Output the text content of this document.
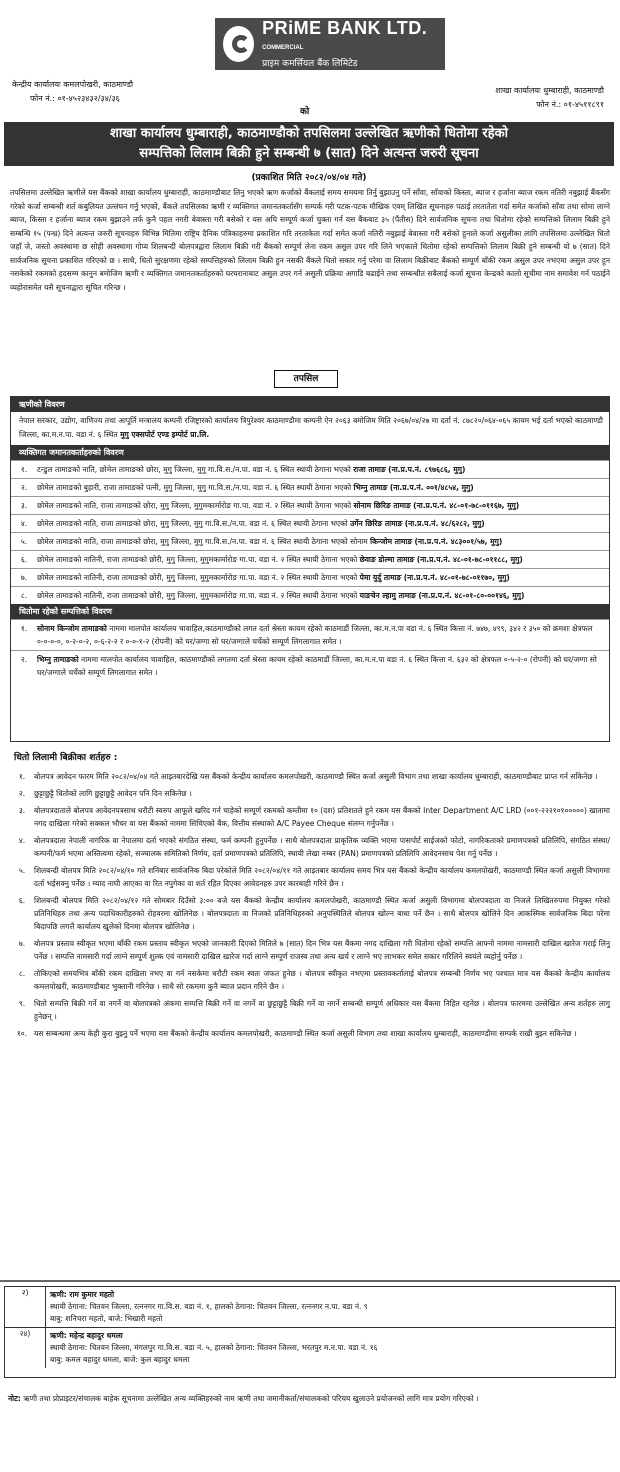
PRiME BANK LTD. $^{COMMERCIAL}$
प्राइम कमर्सियल बैंक लिमिटेड
केन्द्रीय कार्यालयः कमलपोखरी, काठमाण्डौ
फोन नं.: ०१-४५२३४३२/३४/३६
को
शाखा कार्यालयः धुम्बाराही, काठमाण्डौ
फोन नं.: ०१-४५११८९१
शाखा कार्यालय धुम्बाराही, काठमाण्डौको तपसिलमा उल्लेखित ऋणीको धितोमा रहेको
सम्पत्तिको लिलाम बिक्री हुने सम्बन्धी ७ (सात) दिने अत्यन्त जरुरी सूचना
(प्रकाशित मिति २०८२/०४/०४ गते)
तपसिलमा उल्लेखित ऋणीले यस बैंकको शाखा कार्यालय धुम्बाराही, काठमाण्डौबाट लिनु भएको ऋण कर्जाको बैंकलाई समय समयमा तिर्नु बुझाउनु पर्ने साँवा, साँवाको किस्ता, ब्याज र हर्जाना ब्याज रकम नतिरी नबुझाई बैंकसँग गरेको कर्जा सम्बन्धी शर्त कबुलियत उल्लंघन गर्नु भएको, बैंकले तपसिलका ऋणी र व्यक्तिगत जमानतकर्तासँग सम्पर्क गरी पटक-पटक मौखिक एवम् लिखित सूचनाहरु पठाई तरतातेता गर्दा समेत कर्जाको साँवा तथा सोमा लाग्ने ब्याज, किस्ता र हर्जाना ब्याज रकम बुझाउने तर्फ कुनै पहल नगरी बेवास्ता गरी बसेको र यस अघि सम्पूर्ण कर्जा चुक्ता गर्न यस बैंकबाट ३५ (पैंतीस) दिने सार्वजनिक सूचना तथा धितोमा रहेको सम्पत्तिको लिलाम बिक्री हुने सम्बन्धि १५ (पन्ध्र) दिने अत्यन्त जरुरी सूचनाहरु विभिन्न मितिमा राष्ट्रिय दैनिक पत्रिकाहरुमा प्रकाशित गरि तरताकेता गर्दा समेत कर्जा नतिरी नबुझाई बेवास्ता गरी बसेको हुनाले कर्जा असुलीका लागि तपसिलमा उल्लेखित धितो जहाँ जे, जस्तो अवस्थामा छ सोही अवस्थामा गोप्य शिलबन्दी बोलपत्रद्वारा लिलाम बिक्री गरी बैंकको सम्पूर्ण लेना रकम असुल उपर गरि लिने भएकाले धितोमा रहेको सम्पत्तिको लिलाम बिक्री हुने सम्बन्धी यो ७ (सात) दिने सार्वजनिक सूचना प्रकाशित गरिएको छ । साथै, धितो सुरक्षणमा रहेको सम्पत्तिहरुको लिलाम बिक्री हुन नसकी बैंकले धितो सकार गर्नु परेमा वा लिलाम बिक्रीबाट बैंकको सम्पूर्ण बाँकी रकम असुल उपर नभएमा असुल उपर हुन नसकेको रकमको हदसम्म कानुन बमोजिम ऋणी र व्यक्तिगत जमानतकर्ताहरुको घरघरानाबाट असुल उपर गर्न असुली प्रक्रिया अगाडि बढाईने तथा सम्बन्धीत सबैलाई कर्जा सूचना केन्द्रको कालो सूचीमा नाम समावेश गर्न पठाईने व्यहोरासमेत यसै सूचनाद्वारा सूचित गरिन्छ ।
तपसिल
ऋणीको विवरण
नेपाल सरकार, उद्योग, वाणिज्य तथा आपूर्ति मन्त्रालय कम्पनी रजिष्ट्रारको कार्यालय त्रिपुरेश्वर काठमाण्डौमा कम्पनी ऐन २०६३ बमोजिम मिति २०६७/०४/२७ मा दर्ता नं. ८७८२०/०६४-०६५ कायम भई दर्ता भएको काठमाण्डौ जिल्ला, का.म.न.पा. वडा नं. ६ स्थित मुगु एक्सपोर्ट एण्ड इम्पोर्ट प्रा.लि.
व्यक्तिगत जमानतकर्ताहरुको विवरण
१.	टन्डुल तामाङको नाति, छोमेल तामाङको छोरा, मुगु जिल्ला, मुगु गा.वि.स./न.पा. वडा नं. ६ स्थित स्थायी ठेगाना भएको राजा तामाङ (ना.प्र.प.नं. ८९७६८६, मुगु)
२.	छोमेल तामाङको बुहारी, राजा तामाङको पत्नी, मुगु जिल्ला, मुगु गा.वि.स./न.पा. वडा नं. ६ स्थित स्थायी ठेगाना भएको भिम्नु तामाङ (ना.प्र.प.नं. ००१/४८५४, मुगु)
३.	छोमेल तामाङको नाति, राजा तामाङको छोरा, मुगु जिल्ला, मुगुमकार्मारोङ गा.पा. वडा नं. २ स्थित स्थायी ठेगाना भएको सोनाम छिरिङ तामाङ (ना.प्र.प.नं. ४८-०१-७८-०११६७, मुगु)
४.	छोमेल तामाङको नाति, राजा तामाङको छोरा, मुगु जिल्ला, मुगु गा.वि.स./न.पा. वडा नं. ६ स्थित स्थायी ठेगाना भएको उर्गेन छिरिङ तामाङ (ना.प्र.प.नं. ४८/६२८२, मुगु)
५.	छोमेल तामाङको नाति, राजा तामाङको छोरा, मुगु जिल्ला, मुगु गा.वि.स./न.पा. वडा नं. ६ स्थित स्थायी ठेगाना भएको सोनाम किन्जोम तामाङ (ना.प्र.प.नं. ४८३००१/५७, मुगु)
६.	छोमेल तामाङको नातिनी, राजा तामाङको छोरी, मुगु जिल्ला, मुगुमकार्मारोङ गा.पा. वडा नं. २ स्थित स्थायी ठेगाना भएको छेवाङ डोल्मा तामाङ (ना.प्र.प.नं. ४८-०१-७८-०११८८, मुगु)
७.	छोमेल तामाङको नातिनी, राजा तामाङको छोरी, मुगु जिल्ला, मुगुमकार्मारोङ गा.पा. वडा नं. २ स्थित स्थायी ठेगाना भएको पेमा युर्दु तामाङ (ना.प्र.प.नं. ४८-०१-७८-०११७०, मुगु)
८.	छोमेल तामाङको नातिनी, राजा तामाङको छोरी, मुगु जिल्ला, मुगुमकार्मारोङ गा.पा. वडा नं. २ स्थित स्थायी ठेगाना भएको याङचेन ल्हामु तामाङ (ना.प्र.प.नं. ४८-०१-८०-००१४६, मुगु)
धितोमा रहेको सम्पत्तिको विवरण
१.	सोनाम किन्जोम तामाङको नाममा मालपोत कार्यालय चावाहिल,काठमाण्डौको लगत दर्ता श्रेस्ता कायम रहेको काठमाडौं जिल्ला, का.म.न.पा वडा नं. ६ स्थित कित्ता नं. ७४७, ४९९, ३४२ र ३५० को क्रमशः क्षेत्रफल ०-०-०-०, ०-२-०-२, ०-६-२-२ र ०-०-१-२ (रोपनी) को घर/जग्गा सो घर/जग्गाले चर्चेको सम्पूर्ण लिगलागात समेत ।
२.	भिम्नु तामाङको नाममा मालपोत कार्यालय चावाहिल, काठमाण्डौको लगतमा दर्ता श्रेस्ता कायम रहेको काठमाडौं जिल्ला, का.म.न.पा वडा नं. ६ स्थित कित्ता नं. ६३२ को क्षेत्रफल ०-५-२-० (रोपनी) को घर/जग्गा सो घर/जग्गाले चर्चेको सम्पूर्ण लिगलागात समेत ।
धितो लिलामी बिक्रीका शर्तहरु :
१.	बोलपत्र आवेदन फारम मिति २०८२/०४/०४ गते आइतबारदेखि यस बैंकको केन्द्रीय कार्यालय कमलपोखरी, काठमाण्डौ स्थित कर्जा असुली विभाग तथा शाखा कार्यालय धुम्बाराही, काठमाण्डौबाट प्राप्त गर्न सकिनेछ ।
२.	छुट्टाछुट्टै धितोको लागि छुट्टाछुट्टै आवेदन पनि दिन सकिनेछ ।
३.	बोलपत्रदाताले बोलपत्र आवेदनपत्रसाथ धरौटी स्वरुप आफूले खरिद गर्न चाहेको सम्पूर्ण रकमको कम्तीमा १० (दश) प्रतिशतले हुने रकम यस बैंकको Inter Department A/C LRD (००१-२२२१०१०००००) खातामा नगद दाखिला गरेको सक्कल भौचर वा यस बैंकको नाममा सिचिएको बैंक, वित्तीय संस्थाको A/C Payee Cheque संलग्न गर्नुपर्नेछ ।
४.	बोलपत्रदाता नेपाली नागरिक वा नेपालमा दर्ता भएको संगठित संस्था, फर्म कम्पनी हुनुपर्नेछ । साथै बोलपत्रदाता प्राकृतिक व्यक्ति भएमा पासपोर्ट साईजको फोटो, नागरिकताको प्रमाणपत्रको प्रतिलिपि, संगठित संस्था/कम्पनी/फर्म भएमा अस्तित्वमा रहेको, सञ्चालक समितिको निर्णय, दर्ता प्रमाणपत्रको प्रतिलिपि, स्थायी लेखा नम्बर (PAN) प्रमाणपत्रको प्रतिलिपि आवेदनसाथ पेश गर्नु पर्नेछ ।
५.	शिलबन्दी बोलपत्र मिति २०८२/०४/१० गते शनिबार सार्वजनिक बिदा परेकोले मिति २०८२/०४/११ गते आइतबार कार्यालय समय भित्र यस बैंकको केन्द्रीय कार्यालय कमलपोखरी, काठमाण्डौ स्थित कर्जा असुली विभागमा दर्ता भईसक्नु पर्नेछ । म्याद नाघी आएका वा रित नपुगेका वा शर्त रहित दिएका आवेदनहरु उपर कारबाही गरिने छैन ।
६.	शिलबन्दी बोलपत्र मिति २०८२/०४/१२ गते सोमबार दिउँसो ३:०० बजे यस बैंकको केन्द्रीय कार्यालय कमलपोखरी, काठमाण्डौ स्थित कर्जा असुली विभागमा बोलपत्रदाता वा निजले लिखितरुपमा नियुक्त गरेको प्रतिनिधिहरु तथा अन्य पदाधिकारीहरुको रोहवरमा खोलिनेछ । बोलपत्रदाता वा निजको प्रतिनिधिहरुको अनुपस्थितिले बोलपत्र खोल्न बाधा पर्ने छैन । साथै बोलपत्र खोलिने दिन आकस्मिक सार्वजनिक बिदा परेमा बिदापछि लगत्तै कार्यालय खुलेको दिनमा बोलपत्र खोलिनेछ ।
७.	बोलपत्र प्रस्ताव स्वीकृत भएमा बाँकी रकम प्रस्ताव स्वीकृत भएको जानकारी दिएको मितिले ७ (सात) दिन भित्र यस बैंकमा नगद दाखिला गरी धितोमा रहेको सम्पत्ति आफ्नो नाममा नामसारी दाखिल खारेज गराई लिनु पर्नेछ । सम्पत्ति नामसारी गर्दा लाग्ने सम्पूर्ण शुल्क एवं नामसारी दाखिल खारेज गर्दा लाग्ने सम्पूर्ण राजस्व तथा अन्य खर्च र लाग्ने भए लाभकर समेत सकार गरिलिने स्वयंले व्यहोर्नु पर्नेछ ।
८.	तोकिएको समयभित्र बाँकी रकम दाखिला नभए वा गर्न नसकेमा धरौटी रकम स्वतः जफत हुनेछ । बोलपत्र स्वीकृत नभएमा प्रस्तावकर्तालाई बोलपत्र सम्बन्धी निर्णय भए पश्चात मात्र यस बैंकको केन्द्रीय कार्यालय कमलपोखरी, काठमाण्डौबाट भुक्तानी गरिनेछ । साथै सो रकममा कुनै ब्याज प्रदान गरिने छैन ।
९.	धितो सम्पत्ति बिक्री गर्ने वा नगर्ने वा बोलपत्रको अंकमा सम्पत्ति बिक्री गर्ने वा नगर्ने वा छुट्टाछुट्टै बिक्री गर्ने वा नगर्ने सम्बन्धी सम्पूर्ण अधिकार यस बैंकमा निहित रहनेछ । बोलपत्र फारममा उल्लेखित अन्य शर्तहरु लागु हुनेछन् ।
१०. यस सम्बन्धमा अन्य केही कुरा बुझ्नु पर्ने भएमा यस बैंकको केन्द्रीय कार्यालय कमलपोखरी, काठमाण्डौ स्थित कर्जा असुली विभाग तथा शाखा कार्यालय धुम्बाराही, काठमाण्डौमा सम्पर्क राखी बुझ्न सकिनेछ ।
२)	ऋणी: राम कुमार महतो
स्थायी ठेगाना: चितवन जिल्ला, रत्ननगर गा.वि.स. वडा नं. १, हालको ठेगाना: चितवन जिल्ला, रत्ननगर न.पा. वडा नं. ९
बाबु: शनिचरा महतो, बाजे: भिखारी महतो
२४)	ऋणी: महेन्द्र बहादुर धमला
स्थायी ठेगाना: चितवन जिल्ला, मंगलपुर गा.वि.स. वडा नं. ५, हालको ठेगाना: चितवन जिल्ला, भरतपुर म.न.पा. वडा नं. १६
बाबु: कमल बहादुर धमला, बाजे: कुल बहादुर धमला
नोट: ऋणी तथा प्रोप्राइटर/संचालक बाहेक सूचनामा उल्लेखित अन्य व्यक्तिहरुको नाम ऋणी तथा जमानीकर्ता/संचालकको परिचय खुलाउने प्रयोजनको लागि मात्र प्रयोग गरिएको ।
